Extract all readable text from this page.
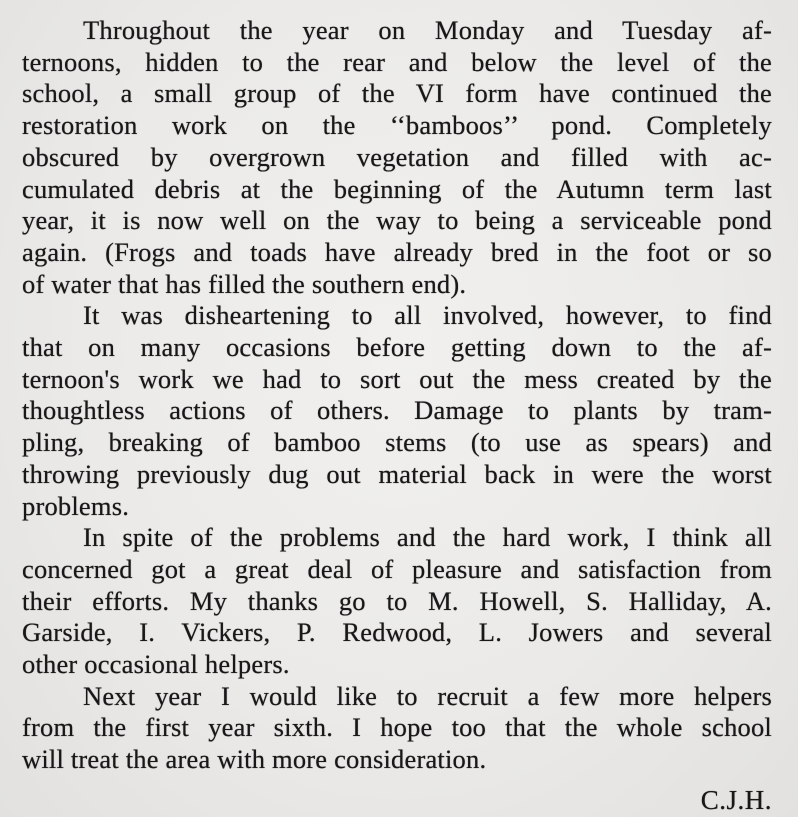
Throughout the year on Monday and Tuesday af-
ternoons, hidden to the rear and below the level of the
school, a small group of the VI form have continued the
restoration work on the ‘‘bamboos’’ pond. Completely
obscured by overgrown vegetation and filled with ac-
cumulated debris at the beginning of the Autumn term last
year, it is now well on the way to being a serviceable pond
again. (Frogs and toads have already bred in the foot or so
of water that has filled the southern end).
It was disheartening to all involved, however, to find
that on many occasions before getting down to the af-
ternoon's work we had to sort out the mess created by the
thoughtless actions of others. Damage to plants by tram-
pling, breaking of bamboo stems (to use as spears) and
throwing previously dug out material back in were the worst
problems.
In spite of the problems and the hard work, I think all
concerned got a great deal of pleasure and satisfaction from
their efforts. My thanks go to M. Howell, S. Halliday, A.
Garside, I. Vickers, P. Redwood, L. Jowers and several
other occasional helpers.
Next year I would like to recruit a few more helpers
from the first year sixth. I hope too that the whole school
will treat the area with more consideration.
C.J.H.
